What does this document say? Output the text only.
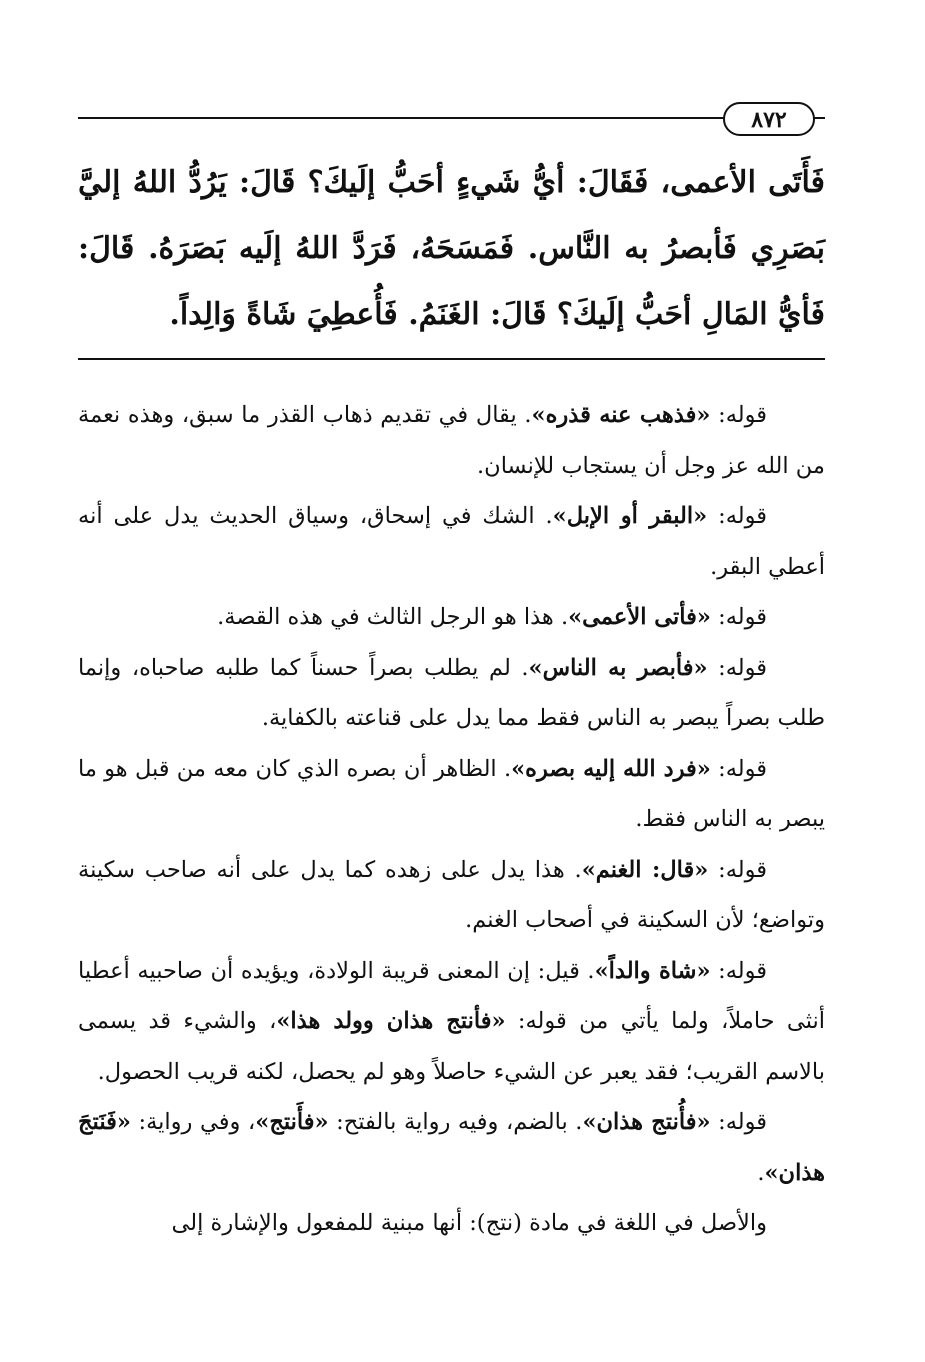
٨٧٢
فَأَتَى الأعمى، فَقَالَ: أيُّ شَيءٍ أحَبُّ إلَيكَ؟ قَالَ: يَرُدُّ اللهُ إليَّ بَصَرِي فَأبصرُ به النَّاس. فَمَسَحَهُ، فَرَدَّ اللهُ إلَيه بَصَرَهُ. قَالَ: فَأيُّ المَالِ أحَبُّ إلَيكَ؟ قَالَ: الغَنَمُ. فَأُعطِيَ شَاةً وَالِداً.

قوله: «فذهب عنه قذره». يقال في تقديم ذهاب القذر ما سبق، وهذه نعمة من الله عز وجل أن يستجاب للإنسان.

قوله: «البقر أو الإبل». الشك في إسحاق، وسياق الحديث يدل على أنه أعطي البقر.

قوله: «فأتى الأعمى». هذا هو الرجل الثالث في هذه القصة.

قوله: «فأبصر به الناس». لم يطلب بصراً حسناً كما طلبه صاحباه، وإنما طلب بصراً يبصر به الناس فقط مما يدل على قناعته بالكفاية.

قوله: «فرد الله إليه بصره». الظاهر أن بصره الذي كان معه من قبل هو ما يبصر به الناس فقط.

قوله: «قال: الغنم». هذا يدل على زهده كما يدل على أنه صاحب سكينة وتواضع؛ لأن السكينة في أصحاب الغنم.

قوله: «شاة والداً». قيل: إن المعنى قريبة الولادة، ويؤيده أن صاحبيه أعطيا أنثى حاملاً، ولما يأتي من قوله: «فأنتج هذان وولد هذا»، والشيء قد يسمى بالاسم القريب؛ فقد يعبر عن الشيء حاصلاً وهو لم يحصل، لكنه قريب الحصول.

قوله: «فأُنتج هذان». بالضم، وفيه رواية بالفتح: «فأَنتج»، وفي رواية: «فَنَتجَ هذان».

والأصل في اللغة في مادة (نتج): أنها مبنية للمفعول والإشارة إلى
